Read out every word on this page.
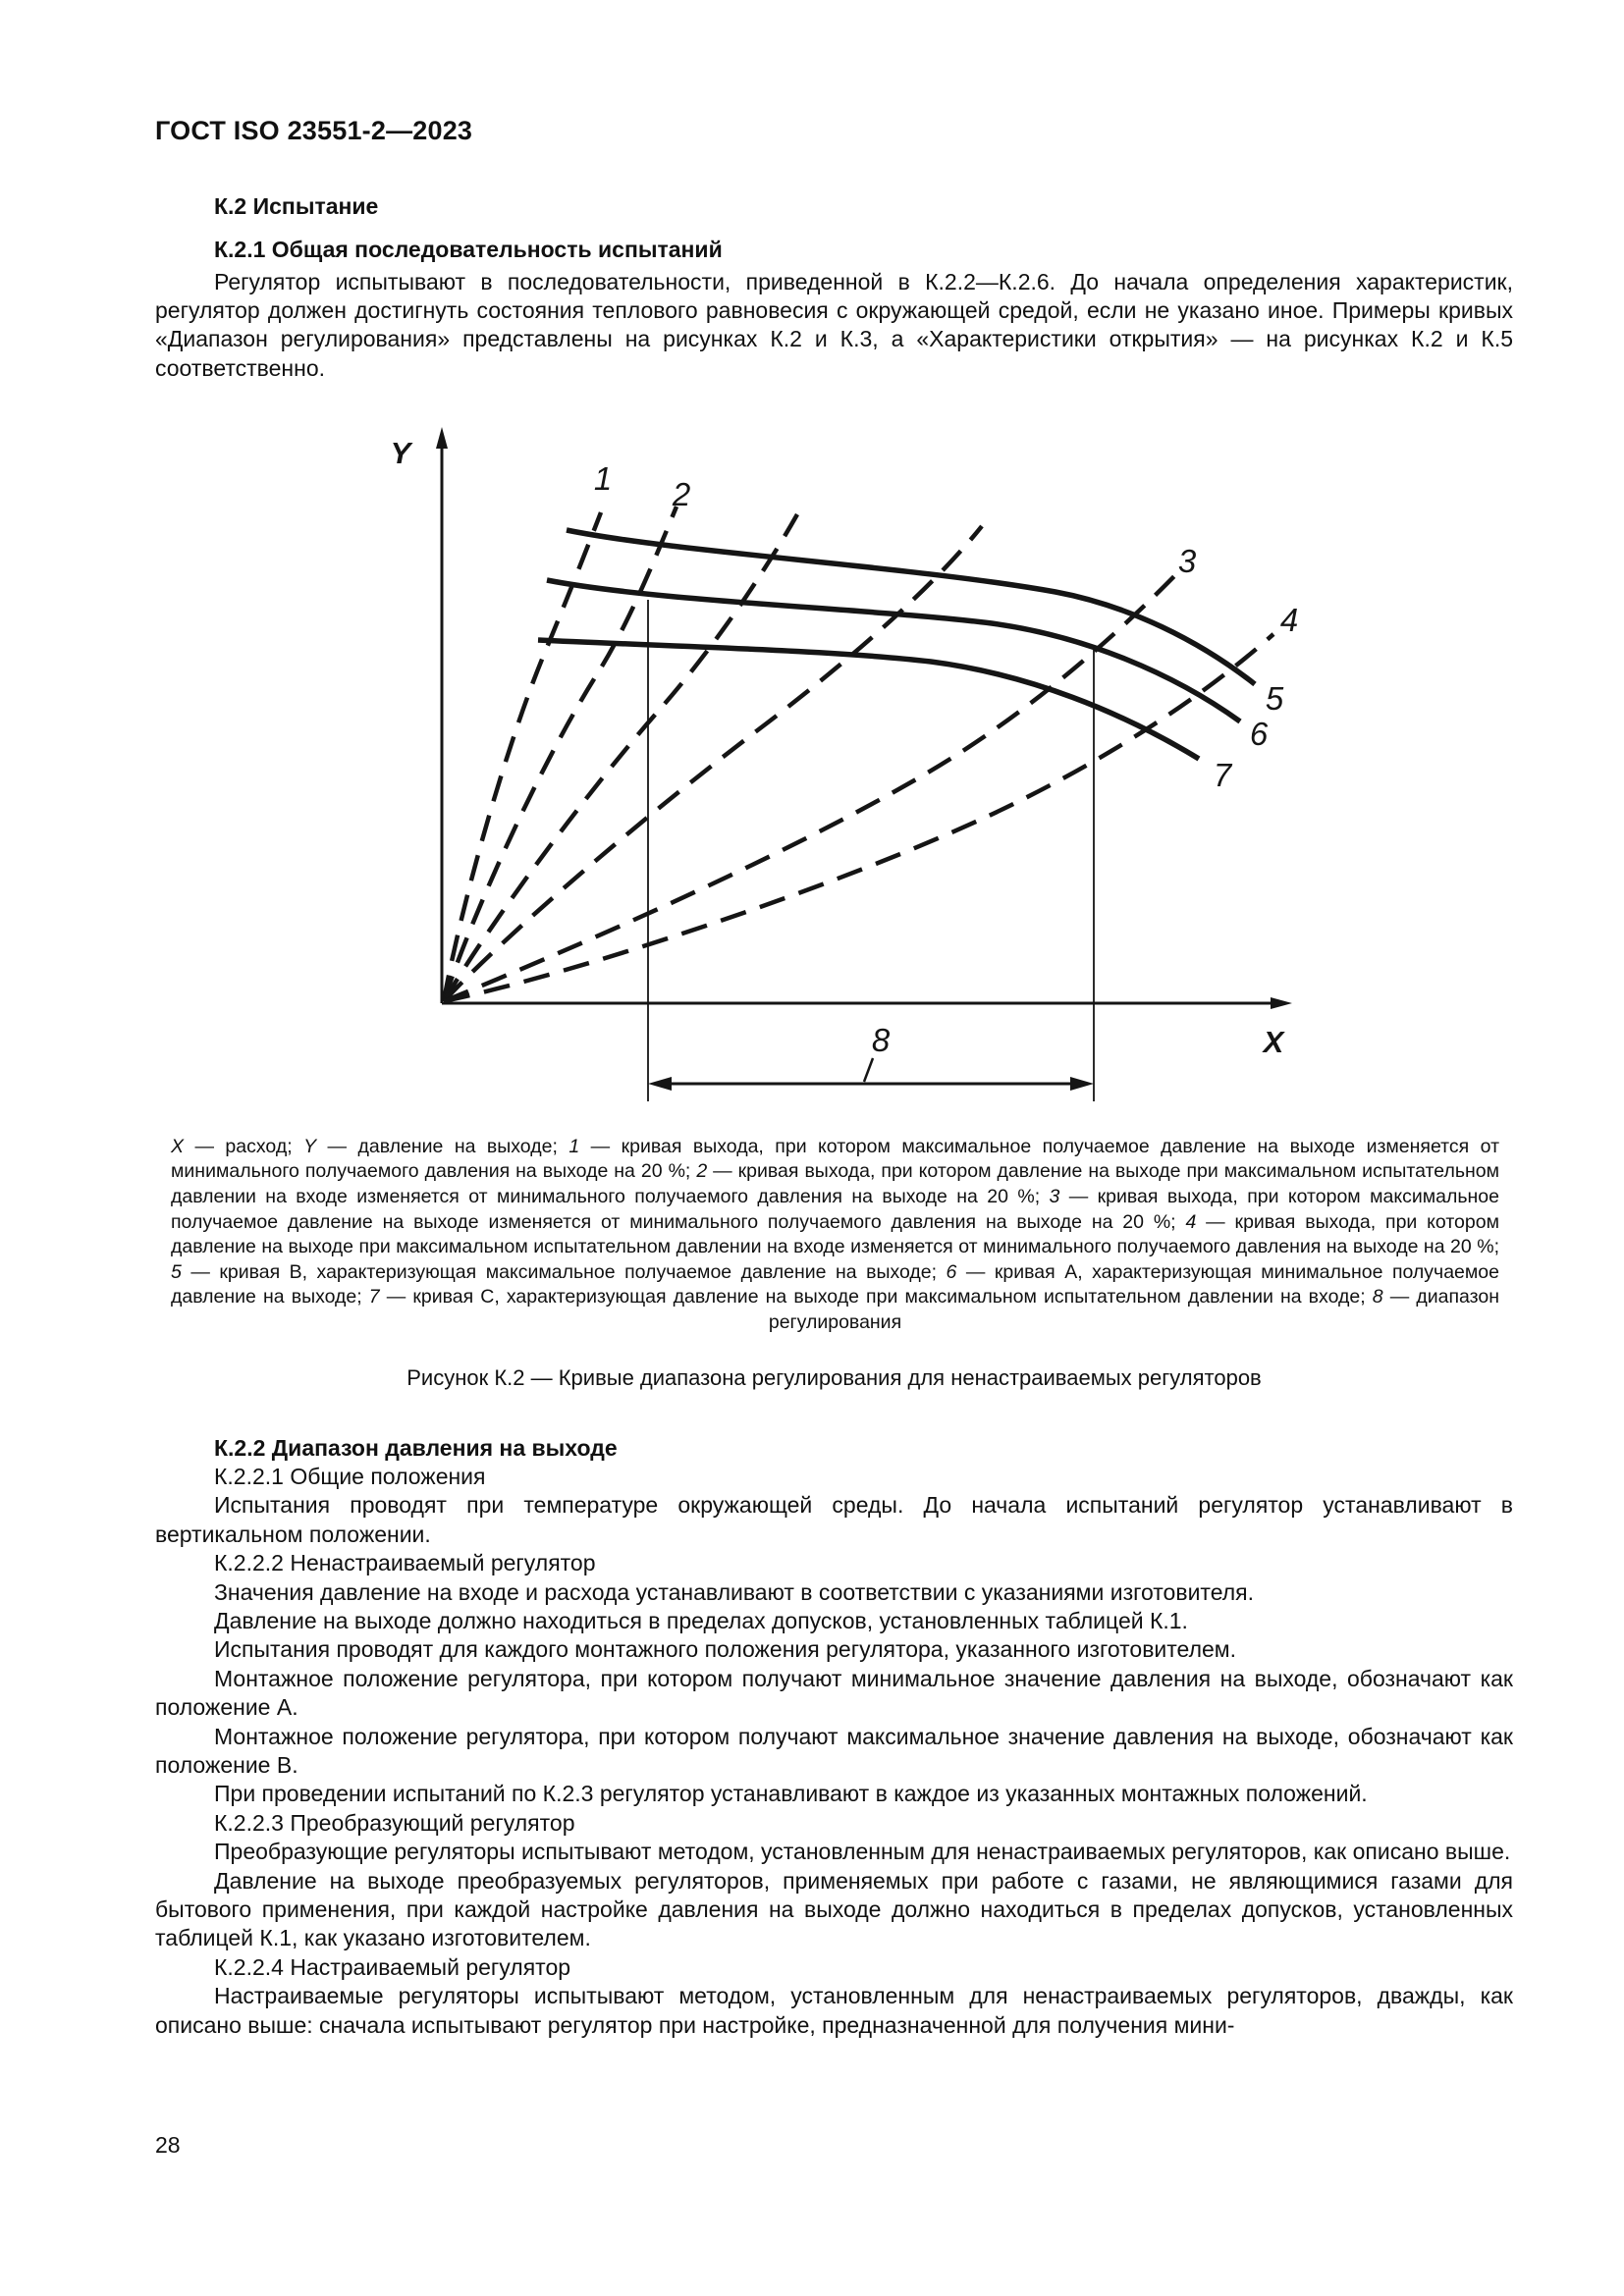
ГОСТ ISO 23551-2—2023
К.2 Испытание
К.2.1 Общая последовательность испытаний
Регулятор испытывают в последовательности, приведенной в К.2.2—К.2.6. До начала определения характеристик, регулятор должен достигнуть состояния теплового равновесия с окружающей средой, если не указано иное. Примеры кривых «Диапазон регулирования» представлены на рисунках К.2 и К.3, а «Характеристики открытия» — на рисунках К.2 и К.5 соответственно.
Y
X
1 2
3
4
5
6
7
8
X — расход; Y — давление на выходе; 1 — кривая выхода, при котором максимальное получаемое давление на выходе изменяется от минимального получаемого давления на выходе на 20 %; 2 — кривая выхода, при котором давление на выходе при максимальном испытательном давлении на входе изменяется от минимального получаемого давления на выходе на 20 %; 3 — кривая выхода, при котором максимальное получаемое давление на выходе изменяется от минимального получаемого давления на выходе на 20 %; 4 — кривая выхода, при котором давление на выходе при максимальном испытательном давлении на входе изменяется от минимального получаемого давления на выходе на 20 %; 5 — кривая В, характеризующая максимальное получаемое давление на выходе; 6 — кривая А, характеризующая минимальное получаемое давление на выходе; 7 — кривая С, характеризующая давление на выходе при максимальном испытательном давлении на входе; 8 — диапазон регулирования
Рисунок К.2 — Кривые диапазона регулирования для ненастраиваемых регуляторов

К.2.2 Диапазон давления на выходе

К.2.2.1 Общие положения

Испытания проводят при температуре окружающей среды. До начала испытаний регулятор устанавливают в вертикальном положении.

К.2.2.2 Ненастраиваемый регулятор

Значения давление на входе и расхода устанавливают в соответствии с указаниями изготовителя.

Давление на выходе должно находиться в пределах допусков, установленных таблицей К.1.

Испытания проводят для каждого монтажного положения регулятора, указанного изготовителем.

Монтажное положение регулятора, при котором получают минимальное значение давления на выходе, обозначают как положение А.

Монтажное положение регулятора, при котором получают максимальное значение давления на выходе, обозначают как положение В.

При проведении испытаний по К.2.3 регулятор устанавливают в каждое из указанных монтажных положений.

К.2.2.3 Преобразующий регулятор

Преобразующие регуляторы испытывают методом, установленным для ненастраиваемых регуляторов, как описано выше.

Давление на выходе преобразуемых регуляторов, применяемых при работе с газами, не являющимися газами для бытового применения, при каждой настройке давления на выходе должно находиться в пределах допусков, установленных таблицей К.1, как указано изготовителем.

К.2.2.4 Настраиваемый регулятор

Настраиваемые регуляторы испытывают методом, установленным для ненастраиваемых регуляторов, дважды, как описано выше: сначала испытывают регулятор при настройке, предназначенной для получения мини-

28
